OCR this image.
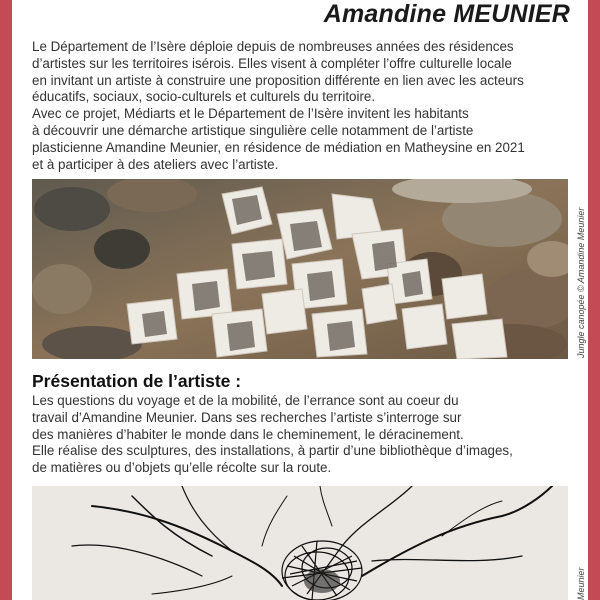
Amandine MEUNIER

Le Département de l’Isère déploie depuis de nombreuses années des résidences

d’artistes sur les territoires isérois. Elles visent à compléter l’offre culturelle locale

en invitant un artiste à construire une proposition différente en lien avec les acteurs

éducatifs, sociaux, socio-culturels et culturels du territoire.

Avec ce projet, Médiarts et le Département de l’Isère invitent les habitants

à découvrir une démarche artistique singulière celle notamment de l’artiste

plasticienne Amandine Meunier, en résidence de médiation en Matheysine en 2021

et à participer à des ateliers avec l’artiste.

Jungle canopée © Amandine Meunier
Présentation de l’artiste :

Les questions du voyage et de la mobilité, de l’errance sont au coeur du

travail d’Amandine Meunier. Dans ses recherches l’artiste s’interroge sur

des manières d’habiter le monde dans le cheminement, le déracinement.

Elle réalise des sculptures, des installations, à partir d’une bibliothèque d’images,

de matières ou d’objets qu’elle récolte sur la route.

Meunier
